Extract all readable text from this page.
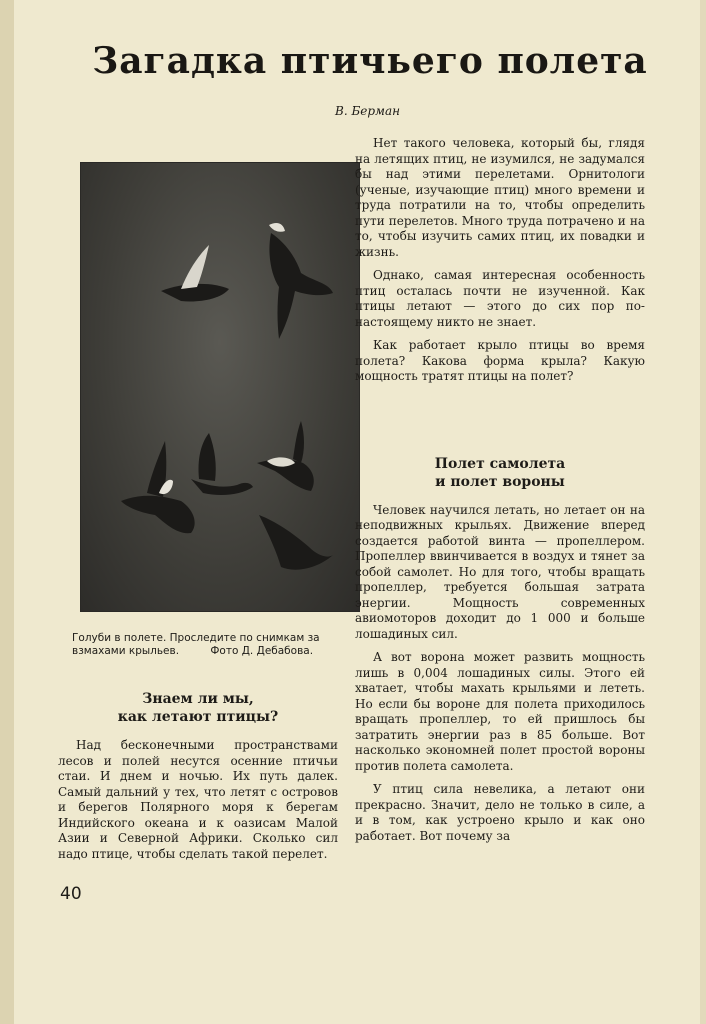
Загадка птичьего полета
В. Берман
Голуби в полете. Проследите по снимкам за взмахами крыльев.	Фото Д. Дебабова.
Знаем ли мы,
как летают птицы?

Над бесконечными пространствами лесов и полей несутся осенние птичьи стаи. И днем и ночью. Их путь далек. Самый дальний у тех, что летят с островов и берегов Полярного моря к берегам Индийского океана и к оазисам Малой Азии и Северной Африки. Сколько сил надо птице, чтобы сделать такой перелет.

Нет такого человека, который бы, глядя на летящих птиц, не изумился, не задумался бы над этими перелетами. Орнитологи (ученые, изучающие птиц) много времени и труда потратили на то, чтобы определить пути перелетов. Много труда потрачено и на то, чтобы изучить самих птиц, их повадки и жизнь.

Однако, самая интересная особенность птиц осталась почти не изученной. Как птицы летают — этого до сих пор по-настоящему никто не знает.

Как работает крыло птицы во время полета? Какова форма крыла? Какую мощность тратят птицы на полет?

Полет самолета
и полет вороны

Человек научился летать, но летает он на неподвижных крыльях. Движение вперед создается работой винта — пропеллером. Пропеллер ввинчивается в воздух и тянет за собой самолет. Но для того, чтобы вращать пропеллер, требуется большая затрата энергии. Мощность современных авиомоторов доходит до 1 000 и больше лошадиных сил.

А вот ворона может развить мощность лишь в 0,004 лошадиных силы. Этого ей хватает, чтобы махать крыльями и лететь. Но если бы вороне для полета приходилось вращать пропеллер, то ей пришлось бы затратить энергии раз в 85 больше. Вот насколько экономней полет простой вороны против полета самолета.

У птиц сила невелика, а летают они прекрасно. Значит, дело не только в силе, а и в том, как устроено крыло и как оно работает. Вот почему за

40
